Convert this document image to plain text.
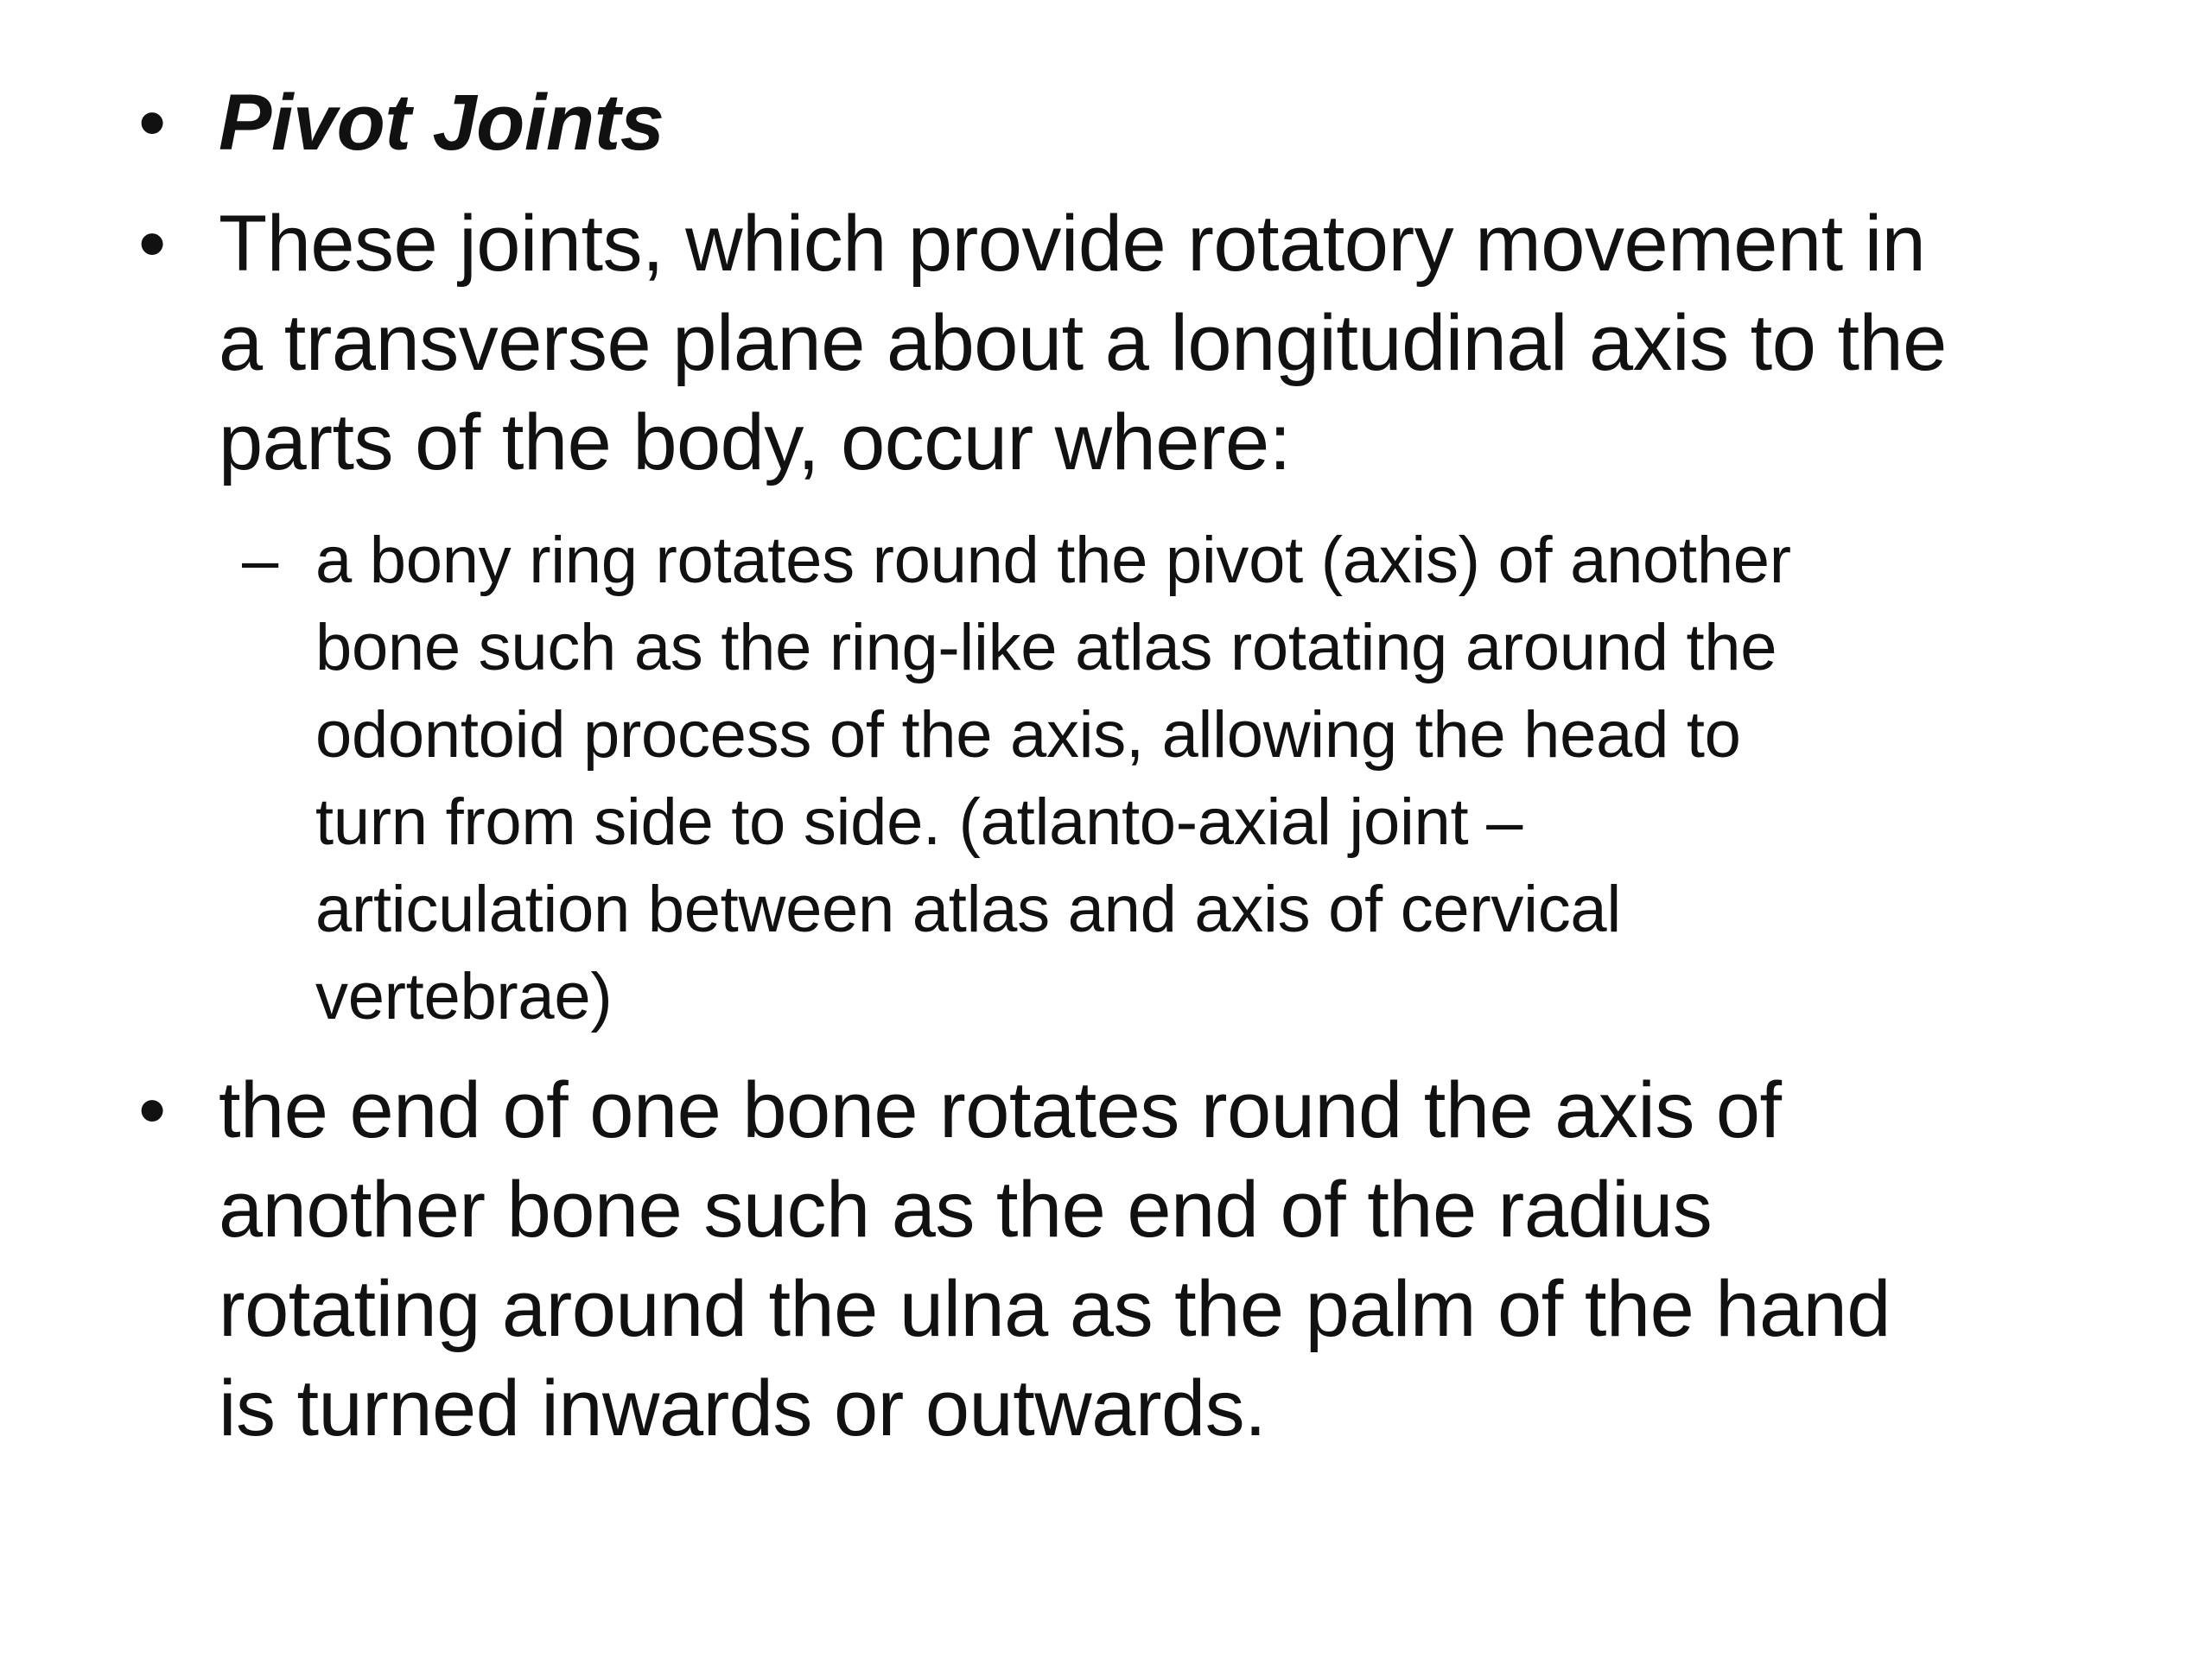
• Pivot Joints
• These joints, which provide rotatory movement in
a transverse plane about a longitudinal axis to the
parts of the body, occur where:
– a bony ring rotates round the pivot (axis) of another
bone such as the ring-like atlas rotating around the
odontoid process of the axis, allowing the head to
turn from side to side. (atlanto-axial joint –
articulation between atlas and axis of cervical
vertebrae)
• the end of one bone rotates round the axis of
another bone such as the end of the radius
rotating around the ulna as the palm of the hand
is turned inwards or outwards.
